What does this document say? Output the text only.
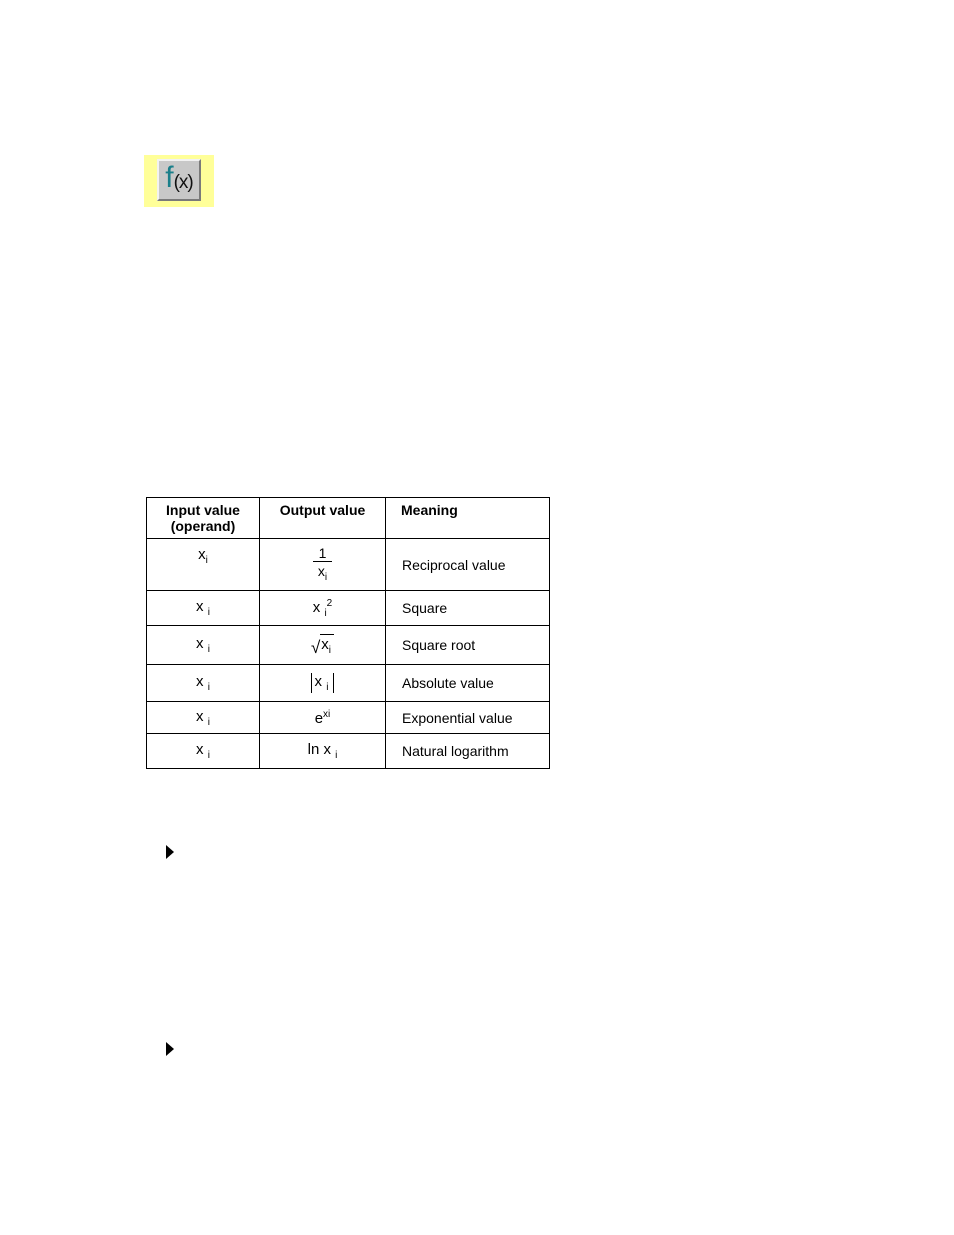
f (x)
Input value
(operand)	Output value	Meaning
$x_i$	$\frac{1}{x_i}$	Reciprocal value
x $_i$	x $_i^2$	Square
x $_i$	√ $x_i$	Square root
x $_i$	x $_i$	Absolute value
x $_i$	$e^{xi}$	Exponential value
x $_i$	ln x $_i$	Natural logarithm
